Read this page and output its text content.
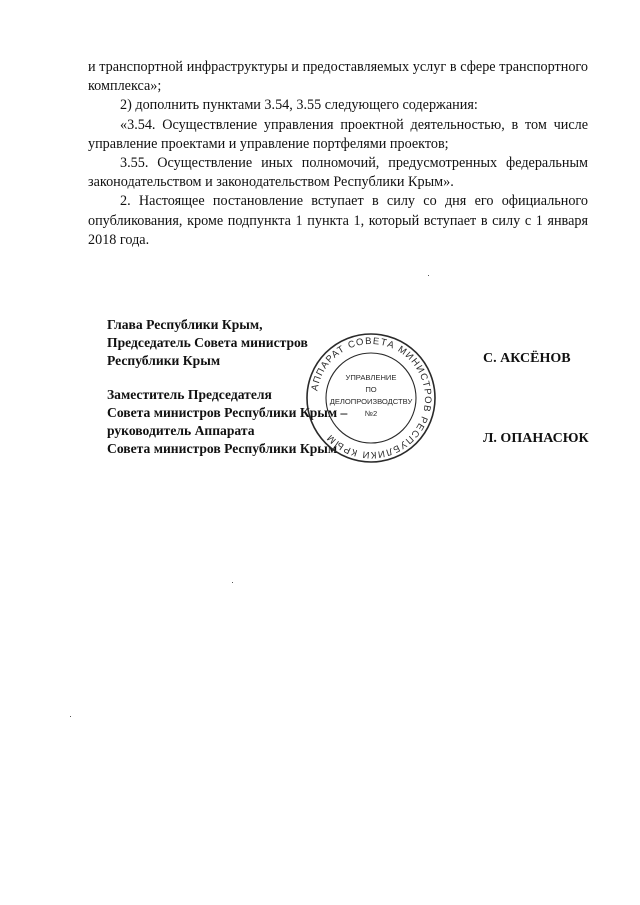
и транспортной инфраструктуры и предоставляемых услуг в сфере транспортного комплекса»;

2) дополнить пунктами 3.54, 3.55 следующего содержания:

«3.54. Осуществление управления проектной деятельностью, в том числе управление проектами и управление портфелями проектов;

3.55. Осуществление иных полномочий, предусмотренных федеральным законодательством и законодательством Республики Крым».

2. Настоящее постановление вступает в силу со дня его официального опубликования, кроме подпункта 1 пункта 1, который вступает в силу с 1 января 2018 года.

Глава Республики Крым,
Председатель Совета министров
Республики Крым	С. АКСЁНОВ
Заместитель Председателя
Совета министров Республики Крым –
руководитель Аппарата
Совета министров Республики Крым
Л. ОПАНАСЮК
АППАРАТ СОВЕТА МИНИСТРОВ РЕСПУБЛИКИ КРЫМ
УПРАВЛЕНИЕ
ПО
ДЕЛОПРОИЗВОДСТВУ
№2
